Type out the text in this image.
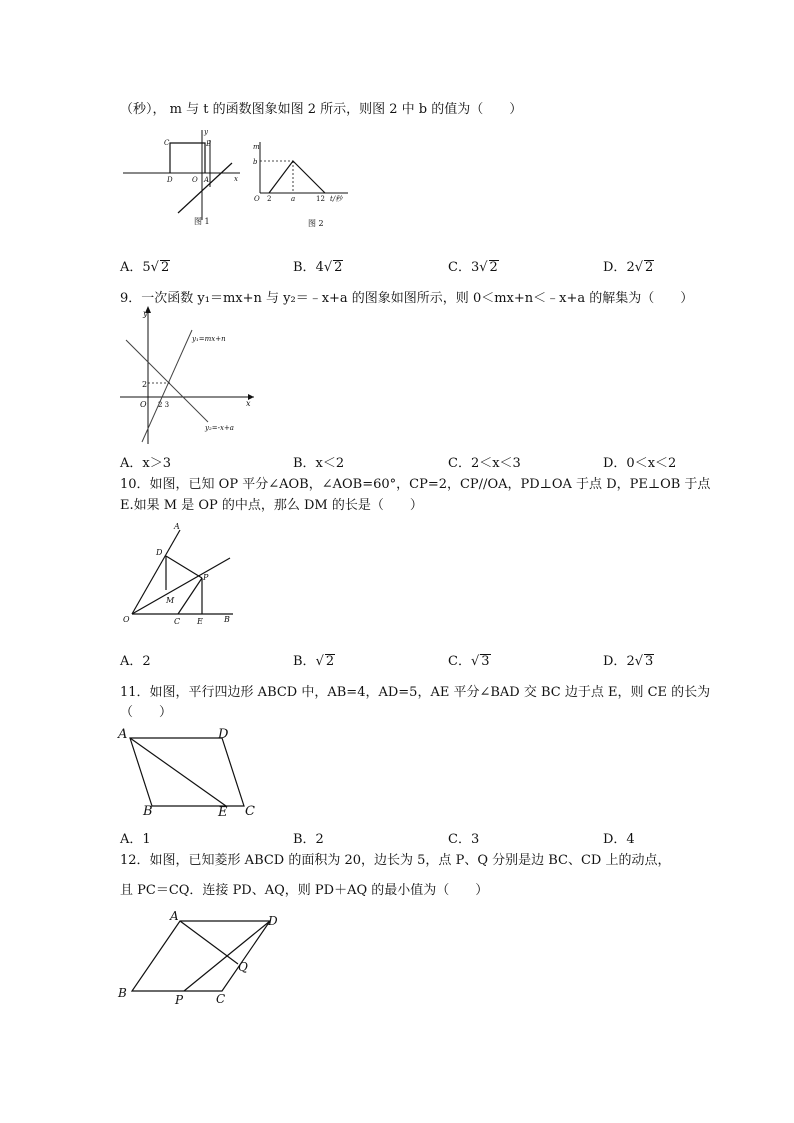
（秒）， m 与 t 的函数图象如图 2 所示，则图 2 中 b 的值为（　　）
C	B
D	O A	x
y
图 1
m
b
O 2	a	12 t/秒
图 2
A．5√ 2	B．4√ 2	C．3√ 2	D．2√ 2
9．一次函数 y₁＝mx+n 与 y₂＝﹣x+a 的图象如图所示，则 0＜mx+n＜﹣x+a 的解集为（　　）
y
x
O
2
2 3
y₁=mx+n
y₂=-x+a
A．x＞3	B．x＜2	C．2＜x＜3	D．0＜x＜2
10．如图，已知 OP 平分∠AOB，∠AOB=60°，CP=2，CP//OA，PD⊥OA 于点 D，PE⊥OB 于点
E.如果 M 是 OP 的中点，那么 DM 的长是（　　）
A
D
P
M
O	C E	B
A．2	B．√ 2	C．√ 3	D．2√ 3
11．如图，平行四边形 ABCD 中，AB=4，AD=5，AE 平分∠BAD 交 BC 边于点 E，则 CE 的长为
（　　）
A	D
B	E C
A．1	B．2	C．3	D．4
12．如图，已知菱形 ABCD 的面积为 20，边长为 5，点 P、Q 分别是边 BC、CD 上的动点，
且 PC＝CQ．连接 PD、AQ，则 PD＋AQ 的最小值为（　　）
A	D
Q
B	P	C
